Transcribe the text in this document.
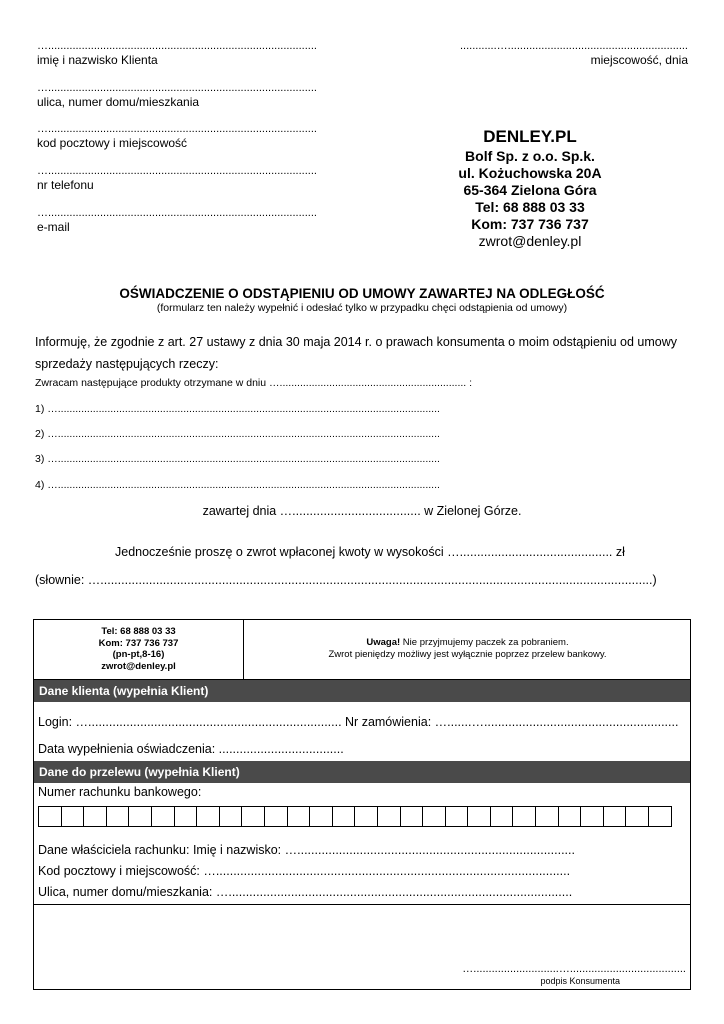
…........................................................................................
imię i nazwisko Klienta
…........................................................................................
ulica, numer domu/mieszkania
…........................................................................................
kod pocztowy i miejscowość
…........................................................................................
nr telefonu
…........................................................................................
e-mail
............…...........................................................
miejscowość, dnia
DENLEY.PL
Bolf Sp. z o.o. Sp.k.
ul. Kożuchowska 20A
65-364 Zielona Góra
Tel: 68 888 03 33
Kom: 737 736 737
zwrot@denley.pl
OŚWIADCZENIE O ODSTĄPIENIU OD UMOWY ZAWARTEJ NA ODLEGŁOŚĆ
(formularz ten należy wypełnić i odesłać tylko w przypadku chęci odstąpienia od umowy)
Informuję, że zgodnie z art. 27 ustawy z dnia 30 maja 2014 r. o prawach konsumenta o moim odstąpieniu od umowy
sprzedaży następujących rzeczy:
Zwracam następujące produkty otrzymane w dniu …................................................................ :
1) …...................................................................................................................................
2) …...................................................................................................................................
3) …...................................................................................................................................
4) …...................................................................................................................................
zawartej dnia …..................................... w Zielonej Górze.
Jednocześnie proszę o zwrot wpłaconej kwoty w wysokości …............................................ zł
(słownie: …...............................................................................................................................................................)
Tel: 68 888 03 33
Kom: 737 736 737
(pn-pt,8-16)
zwrot@denley.pl
Uwaga! Nie przyjmujemy paczek za pobraniem.
Zwrot pieniędzy możliwy jest wyłącznie poprzez przelew bankowy.
Dane klienta (wypełnia Klient)
Login: …......................................................................... Nr zamówienia: ….......…........................................................
Data wypełnienia oświadczenia: ....................................
Dane do przelewu (wypełnia Klient)
Numer rachunku bankowego:
Dane właściciela rachunku: Imię i nazwisko: …................................................................................
Kod pocztowy i miejscowość: …......................................................................................................
Ulica, numer domu/mieszkania: …...................................................................................................
…............................…......................................
podpis Konsumenta
